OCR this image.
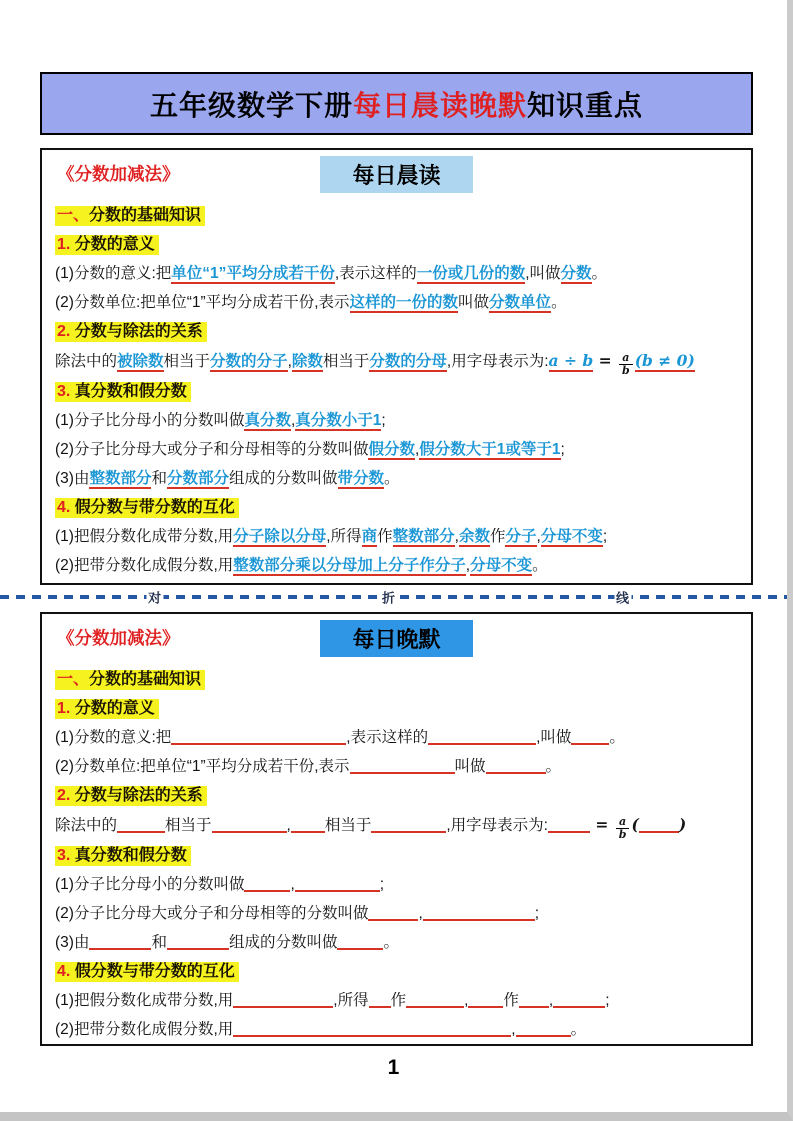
五年级数学下册 每日晨读晚默 知识重点
《分数加减法》	每日晨读
一、分数的基础知识
1. 分数的意义
(1)分数的意义:把单位“1”平均分成若干份,表示这样的一份或几份的数,叫做分数。
(2)分数单位:把单位“1”平均分成若干份,表示这样的一份的数叫做分数单位。
2. 分数与除法的关系
除法中的被除数相当于分数的分子,除数相当于分数的分母,用字母表示为:a ÷ $b = \frac{a}{b} (b \ne 0)$
3. 真分数和假分数
(1)分子比分母小的分数叫做真分数,真分数小于1;
(2)分子比分母大或分子和分母相等的分数叫做假分数,假分数大于1或等于1;
(3)由整数部分和分数部分组成的分数叫做带分数。
4. 假分数与带分数的互化
(1)把假分数化成带分数,用分子除以分母,所得商作整数部分,余数作分子,分母不变;
(2)把带分数化成假分数,用整数部分乘以分母加上分子作分子,分母不变。
对	折	线
《分数加减法》	每日晚默
一、分数的基础知识
1. 分数的意义
(1)分数的意义:把	,表示这样的	,叫做 。
(2)分数单位:把单位“1”平均分成若干份,表示	叫做	。
2. 分数与除法的关系
除法中的	相当于	, 相当于	,用字母表示为:	= $\frac{a}{b}$ (	)
3. 真分数和假分数
(1)分子比分母小的分数叫做	,	;
(2)分子比分母大或分子和分母相等的分数叫做	,	;
(3)由	和	组成的分数叫做	。
4. 假分数与带分数的互化
(1)把假分数化成带分数,用	,所得 作	, 作 ,	;
(2)把带分数化成假分数,用	,	。
1
